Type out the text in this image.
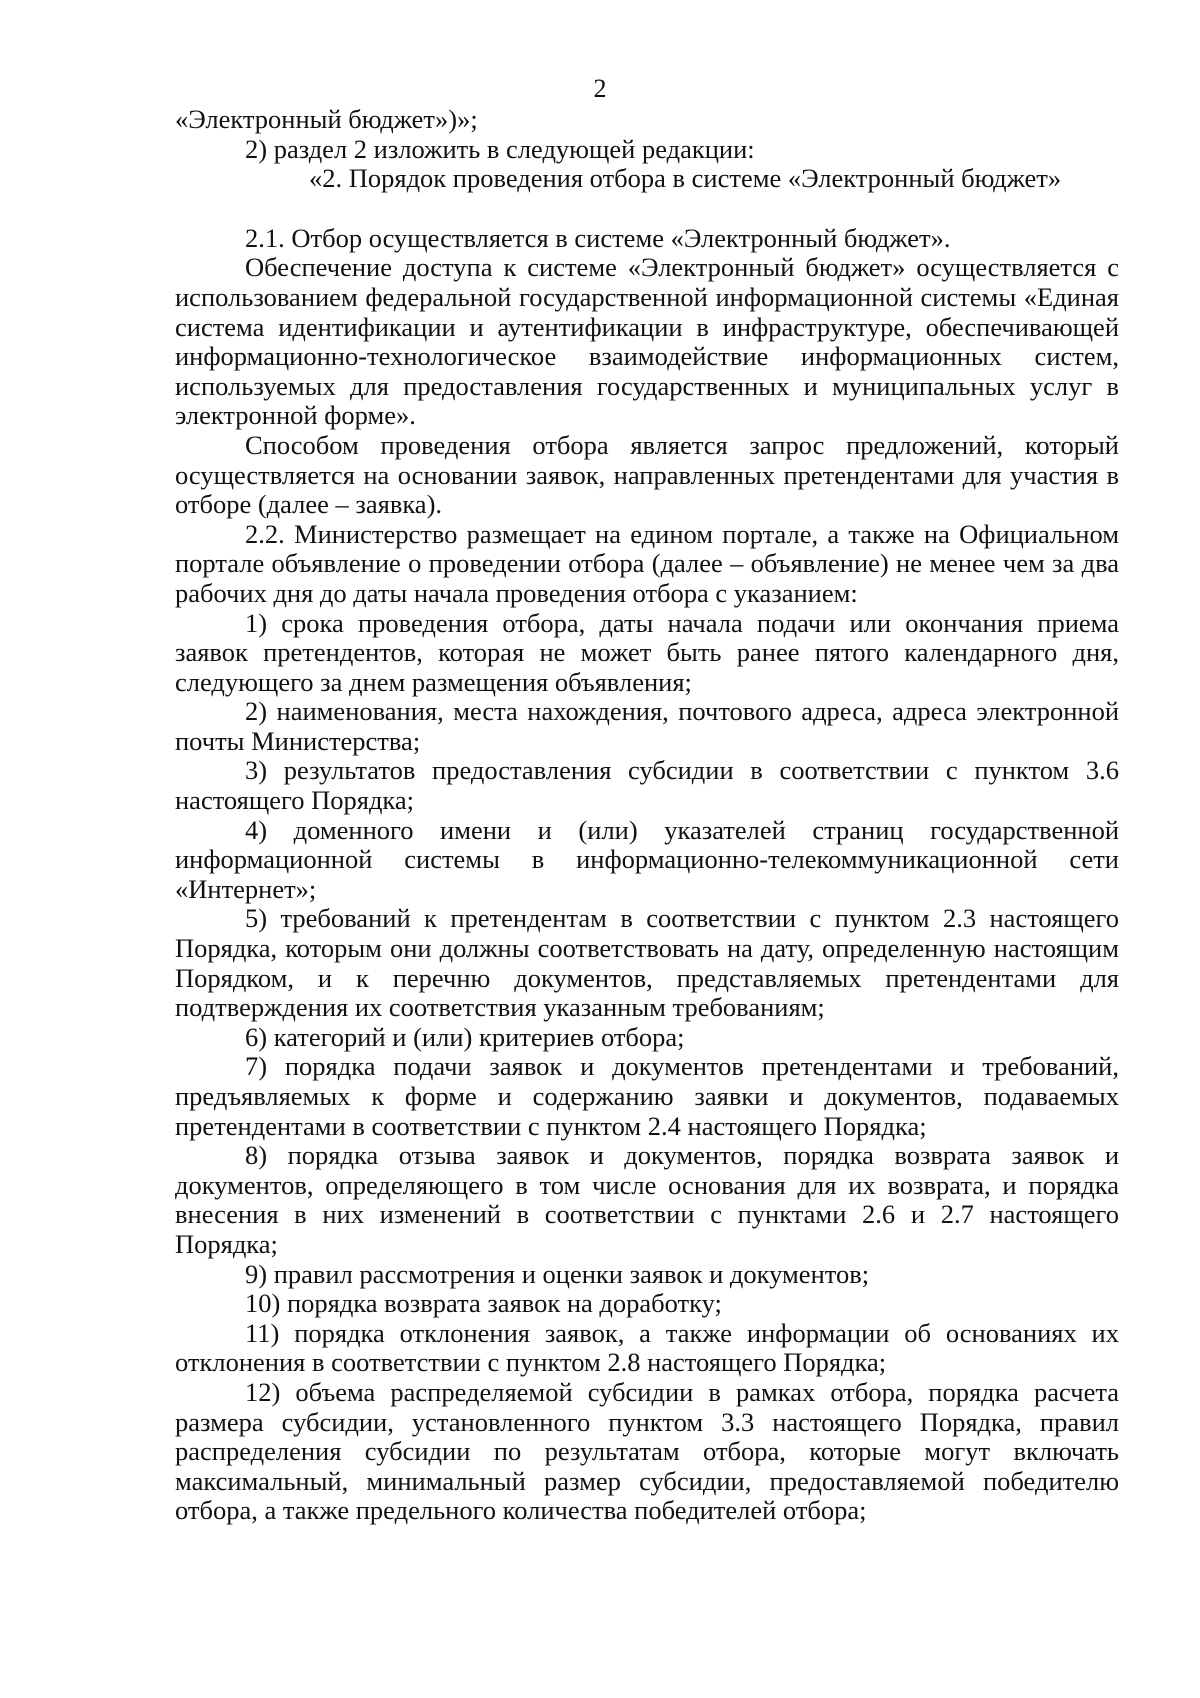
2

«Электронный бюджет»)»;

2) раздел 2 изложить в следующей редакции:

«2. Порядок проведения отбора в системе «Электронный бюджет»

2.1. Отбор осуществляется в системе «Электронный бюджет».

Обеспечение доступа к системе «Электронный бюджет» осуществляется с использованием федеральной государственной информационной системы «Единая система идентификации и аутентификации в инфраструктуре, обеспечивающей информационно-технологическое взаимодействие информационных систем, используемых для предоставления государственных и муниципальных услуг в электронной форме».

Способом проведения отбора является запрос предложений, который осуществляется на основании заявок, направленных претендентами для участия в отборе (далее – заявка).

2.2. Министерство размещает на едином портале, а также на Официальном портале объявление о проведении отбора (далее – объявление) не менее чем за два рабочих дня до даты начала проведения отбора с указанием:

1) срока проведения отбора, даты начала подачи или окончания приема заявок претендентов, которая не может быть ранее пятого календарного дня, следующего за днем размещения объявления;

2) наименования, места нахождения, почтового адреса, адреса электронной почты Министерства;

3) результатов предоставления субсидии в соответствии с пунктом 3.6 настоящего Порядка;

4) доменного имени и (или) указателей страниц государственной информационной системы в информационно-телекоммуникационной сети «Интернет»;

5) требований к претендентам в соответствии с пунктом 2.3 настоящего Порядка, которым они должны соответствовать на дату, определенную настоящим Порядком, и к перечню документов, представляемых претендентами для подтверждения их соответствия указанным требованиям;

6) категорий и (или) критериев отбора;

7) порядка подачи заявок и документов претендентами и требований, предъявляемых к форме и содержанию заявки и документов, подаваемых претендентами в соответствии с пунктом 2.4 настоящего Порядка;

8) порядка отзыва заявок и документов, порядка возврата заявок и документов, определяющего в том числе основания для их возврата, и порядка внесения в них изменений в соответствии с пунктами 2.6 и 2.7 настоящего Порядка;

9) правил рассмотрения и оценки заявок и документов;

10) порядка возврата заявок на доработку;

11) порядка отклонения заявок, а также информации об основаниях их отклонения в соответствии с пунктом 2.8 настоящего Порядка;

12) объема распределяемой субсидии в рамках отбора, порядка расчета размера субсидии, установленного пунктом 3.3 настоящего Порядка, правил распределения субсидии по результатам отбора, которые могут включать максимальный, минимальный размер субсидии, предоставляемой победителю отбора, а также предельного количества победителей отбора;
